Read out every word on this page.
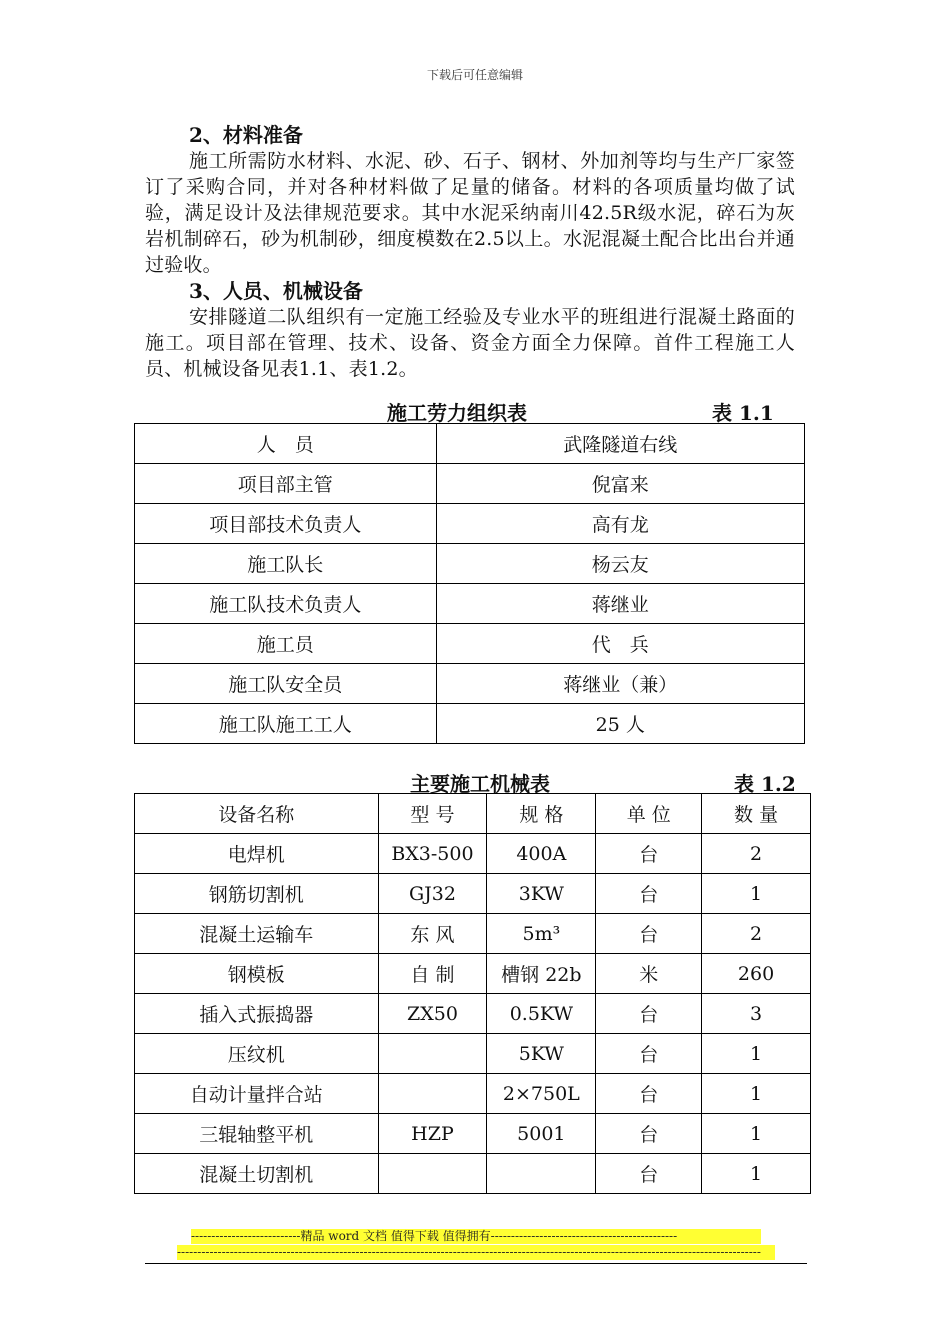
下载后可任意编辑
2、材料准备

施工所需防水材料、水泥、砂、石子、钢材、外加剂等均与生产厂家签订了采购合同，并对各种材料做了足量的储备。材料的各项质量均做了试验，满足设计及法律规范要求。其中水泥采纳南川42.5R级水泥，碎石为灰岩机制碎石，砂为机制砂，细度模数在2.5以上。水泥混凝土配合比出台并通过验收。

3、人员、机械设备

安排隧道二队组织有一定施工经验及专业水平的班组进行混凝土路面的施工。项目部在管理、技术、设备、资金方面全力保障。首件工程施工人员、机械设备见表1.1、表1.2。

施工劳力组织表	表 1.1
人　员	武隆隧道右线
项目部主管	倪富来
项目部技术负责人	高有龙
施工队长	杨云友
施工队技术负责人	蒋继业
施工员	代　兵
施工队安全员	蒋继业（兼）
施工队施工工人	25 人
主要施工机械表	表 1.2
设备名称	型 号	规 格	单 位	数 量
电焊机	BX3-500	400A	台	2
钢筋切割机	GJ32	3KW	台	1
混凝土运输车	东 风	5m³	台	2
钢模板	自 制	槽钢 22b	米	260
插入式振捣器	ZX50	0.5KW	台	3
压纹机		5KW	台	1
自动计量拌合站		2×750L	台	1
三辊轴整平机	HZP	5001	台	1
混凝土切割机			台	1
---------------------------精品 word 文档 值得下载 值得拥有----------------------------------------------
------------------------------------------------------------------------------------------------------------------------------------------------
